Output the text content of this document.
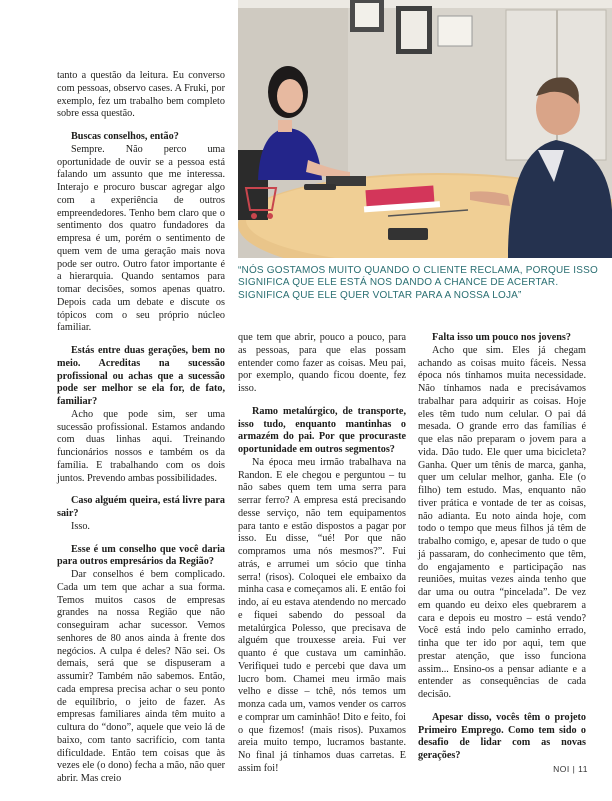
“NÓS GOSTAMOS MUITO QUANDO O CLIENTE RECLAMA, PORQUE ISSO SIGNIFICA QUE ELE ESTÁ NOS DANDO A CHANCE DE ACERTAR. SIGNIFICA QUE ELE QUER VOLTAR PARA A NOSSA LOJA”

tanto a questão da leitura. Eu converso com pessoas, observo cases. A Fruki, por exemplo, fez um trabalho bem completo sobre essa questão.

Buscas conselhos, então?

Sempre. Não perco uma oportunidade de ouvir se a pessoa está falando um assunto que me interessa. Interajo e procuro buscar agregar algo com a experiência de outros empreendedores. Tenho bem claro que o sentimento dos quatro fundadores da empresa é um, porém o sentimento de quem vem de uma geração mais nova pode ser outro. Outro fator importante é a hierarquia. Quando sentamos para tomar decisões, somos apenas quatro. Depois cada um debate e discute os tópicos com o seu próprio núcleo familiar.

Estás entre duas gerações, bem no meio. Acreditas na sucessão profissional ou achas que a sucessão pode ser melhor se ela for, de fato, familiar?

Acho que pode sim, ser uma sucessão profissional. Estamos andando com duas linhas aqui. Treinando funcionários nossos e também os da família. E trabalhando com os dois juntos. Prevendo ambas possibilidades.

Caso alguém queira, está livre para sair?

Isso.

Esse é um conselho que você daria para outros empresários da Região?

Dar conselhos é bem complicado. Cada um tem que achar a sua forma. Temos muitos casos de empresas grandes na nossa Região que não conseguiram achar sucessor. Vemos senhores de 80 anos ainda à frente dos negócios. A culpa é deles? Não sei. Os demais, será que se dispuseram a assumir? Também não sabemos. Então, cada empresa precisa achar o seu ponto de equilíbrio, o jeito de fazer. As empresas familiares ainda têm muito a cultura do “dono”, aquele que veio lá de baixo, com tanto sacrifício, com tanta dificuldade. Então tem coisas que às vezes ele (o dono) fecha a mão, não quer abrir. Mas creio

que tem que abrir, pouco a pouco, para as pessoas, para que elas possam entender como fazer as coisas. Meu pai, por exemplo, quando ficou doente, fez isso.

Ramo metalúrgico, de transporte, isso tudo, enquanto mantinhas o armazém do pai. Por que procuraste oportunidade em outros segmentos?

Na época meu irmão trabalhava na Randon. E ele chegou e perguntou – tu não sabes quem tem uma serra para serrar ferro? A empresa está precisando desse serviço, não tem equipamentos para tanto e estão dispostos a pagar por isso. Eu disse, “ué! Por que não compramos uma nós mesmos?”. Fui atrás, e arrumei um sócio que tinha serra! (risos). Coloquei ele embaixo da minha casa e começamos ali. E então foi indo, aí eu estava atendendo no mercado e fiquei sabendo do pessoal da metalúrgica Polesso, que precisava de alguém que trouxesse areia. Fui ver quanto é que custava um caminhão. Verifiquei tudo e percebi que dava um lucro bom. Chamei meu irmão mais velho e disse – tchê, nós temos um monza cada um, vamos vender os carros e comprar um caminhão! Dito e feito, foi o que fizemos! (mais risos). Puxamos areia muito tempo, lucramos bastante. No final já tínhamos duas carretas. E assim foi!

Falta isso um pouco nos jovens?

Acho que sim. Eles já chegam achando as coisas muito fáceis. Nessa época nós tínhamos muita necessidade. Não tínhamos nada e precisávamos trabalhar para adquirir as coisas. Hoje eles têm tudo num celular. O pai dá mesada. O grande erro das famílias é que elas não preparam o jovem para a vida. Dão tudo. Ele quer uma bicicleta? Ganha. Quer um tênis de marca, ganha, quer um celular melhor, ganha. Ele (o filho) tem estudo. Mas, enquanto não tiver prática e vontade de ter as coisas, não adianta. Eu noto ainda hoje, com todo o tempo que meus filhos já têm de trabalho comigo, e, apesar de tudo o que já passaram, do conhecimento que têm, do engajamento e participação nas reuniões, muitas vezes ainda tenho que dar uma ou outra “pincelada”. De vez em quando eu deixo eles quebrarem a cara e depois eu mostro – está vendo? Você está indo pelo caminho errado, tinha que ter ido por aqui, tem que prestar atenção, que isso funciona assim... Ensino-os a pensar adiante e a entender as consequências de cada decisão.

Apesar disso, vocês têm o projeto Primeiro Emprego. Como tem sido o desafio de lidar com as novas gerações?

NOI | 11
